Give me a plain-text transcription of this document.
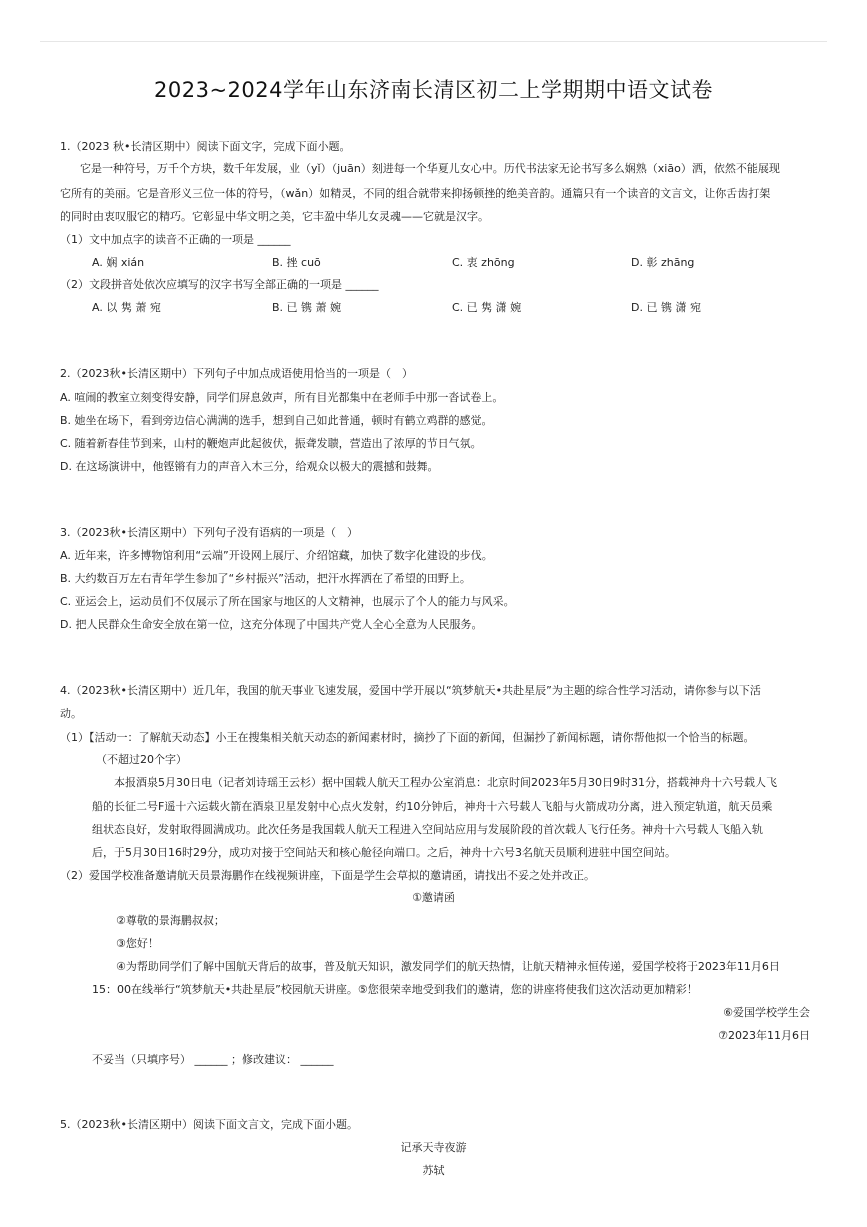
2023~2024学年山东济南长清区初二上学期期中语文试卷
1.（2023 秋•长清区期中）阅读下面文字，完成下面小题。
它是一种符号，万千个方块，数千年发展，业（yǐ）（juān）刻进每一个华夏儿女心中。历代书法家无论书写多么娴熟（xiāo）洒，依然不能展现
它所有的美丽。它是音形义三位一体的符号，（wǎn）如精灵，不同的组合就带来抑扬顿挫的绝美音韵。通篇只有一个读音的文言文，让你舌齿打架
的同时由衷叹服它的精巧。它彰显中华文明之美，它丰盈中华儿女灵魂——它就是汉字。
（1）文中加点字的读音不正确的一项是 ______
A. 娴 xián	B. 挫 cuō	C. 衷 zhōng	D. 彰 zhāng
（2）文段拼音处依次应填写的汉字书写全部正确的一项是 ______
A. 以 隽 萧 宛	B. 已 镌 萧 婉	C. 已 隽 潇 婉	D. 已 镌 潇 宛
2.（2023秋•长清区期中）下列句子中加点成语使用恰当的一项是（　）
A. 喧闹的教室立刻变得安静，同学们屏息敛声，所有目光都集中在老师手中那一沓试卷上。
B. 她坐在场下，看到旁边信心满满的选手，想到自己如此普通，顿时有鹤立鸡群的感觉。
C. 随着新春佳节到来，山村的鞭炮声此起彼伏，振聋发聩，营造出了浓厚的节日气氛。
D. 在这场演讲中，他铿锵有力的声音入木三分，给观众以极大的震撼和鼓舞。
3.（2023秋•长清区期中）下列句子没有语病的一项是（　）
A. 近年来，许多博物馆利用“云端”开设网上展厅、介绍馆藏，加快了数字化建设的步伐。
B. 大约数百万左右青年学生参加了“乡村振兴”活动，把汗水挥洒在了希望的田野上。
C. 亚运会上，运动员们不仅展示了所在国家与地区的人文精神，也展示了个人的能力与风采。
D. 把人民群众生命安全放在第一位，这充分体现了中国共产党人全心全意为人民服务。
4.（2023秋•长清区期中）近几年，我国的航天事业飞速发展，爱国中学开展以“筑梦航天•共赴星辰”为主题的综合性学习活动，请你参与以下活
动。
（1）【活动一：了解航天动态】小王在搜集相关航天动态的新闻素材时，摘抄了下面的新闻，但漏抄了新闻标题，请你帮他拟一个恰当的标题。
（不超过20个字）
本报酒泉5月30日电（记者刘诗瑶王云杉）据中国载人航天工程办公室消息：北京时间2023年5月30日9时31分，搭载神舟十六号载人飞
船的长征二号F遥十六运载火箭在酒泉卫星发射中心点火发射，约10分钟后，神舟十六号载人飞船与火箭成功分离，进入预定轨道，航天员乘
组状态良好，发射取得圆满成功。此次任务是我国载人航天工程进入空间站应用与发展阶段的首次载人飞行任务。神舟十六号载人飞船入轨
后，于5月30日16时29分，成功对接于空间站天和核心舱径向端口。之后，神舟十六号3名航天员顺利进驻中国空间站。
（2）爱国学校准备邀请航天员景海鹏作在线视频讲座，下面是学生会草拟的邀请函，请找出不妥之处并改正。
①邀请函
②尊敬的景海鹏叔叔；
③您好！
④为帮助同学们了解中国航天背后的故事，普及航天知识，激发同学们的航天热情，让航天精神永恒传递，爱国学校将于2023年11月6日
15：00在线举行“筑梦航天•共赴星辰”校园航天讲座。⑤您很荣幸地受到我们的邀请，您的讲座将使我们这次活动更加精彩！
⑥爱国学校学生会
⑦2023年11月6日
不妥当（只填序号） ______ ；修改建议： ______
5.（2023秋•长清区期中）阅读下面文言文，完成下面小题。
记承天寺夜游
苏轼
